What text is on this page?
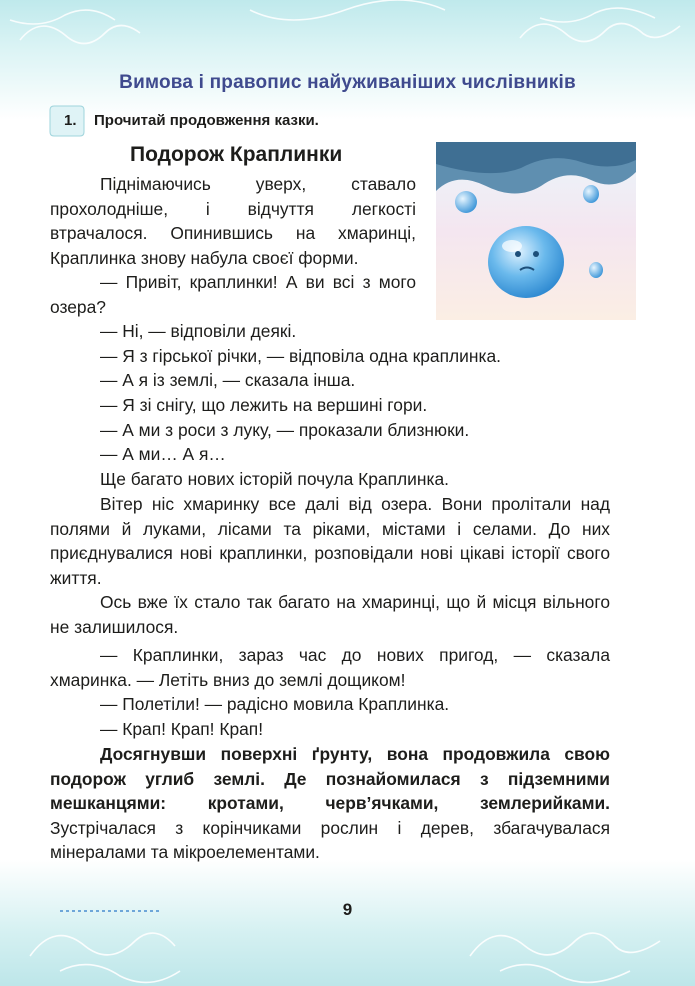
Вимова і правопис найуживаніших числівників
1. Прочитай продовження казки.
Подорож Краплинки
Піднімаючись уверх, ставало прохолодніше, і відчуття легкості
втрачалося. Опинившись на хмаринці, Краплинка знову набула своєї форми.
— Привіт, краплинки! А ви всі з мого озера?
— Ні, — відповіли деякі.
— Я з гірської річки, — відповіла одна краплинка.
— А я із землі, — сказала інша.
— Я зі снігу, що лежить на вершині гори.
— А ми з роси з луку, — проказали близнюки.
— А ми… А я…
Ще багато нових історій почула Краплинка.
Вітер ніс хмаринку все далі від озера. Вони пролітали над полями й луками, лісами та ріками, містами і селами. До них приєднувалися нові краплинки, розповідали нові цікаві історії свого життя.
Ось вже їх стало так багато на хмаринці, що й місця вільного не залишилося.
— Краплинки, зараз час до нових пригод, — сказала хмаринка. — Летіть вниз до землі дощиком!
— Полетіли! — радісно мовила Краплинка.
— Крап! Крап! Крап!

Досягнувши поверхні ґрунту, вона продовжила свою подорож углиб землі. Де познайомилася з підземними мешканцями: кротами, черв’ячками, землерийками. Зустрічалася з корінчиками рослин і дерев, збагачувалася мінералами та мікроелементами.

9
